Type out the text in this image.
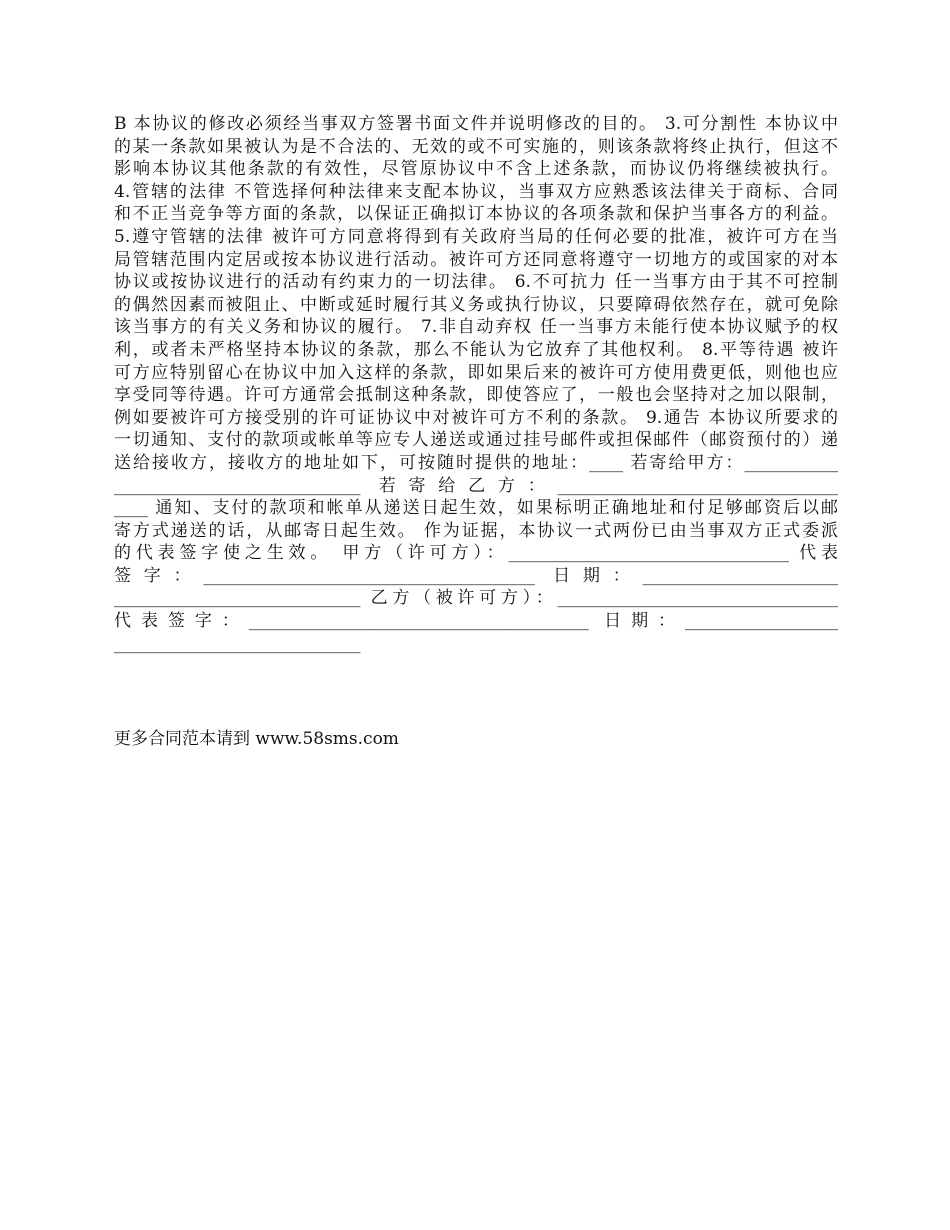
B 本协议的修改必须经当事双方签署书面文件并说明修改的目的。 3.可分割性 本协议中
的某一条款如果被认为是不合法的、无效的或不可实施的，则该条款将终止执行，但这不
影响本协议其他条款的有效性，尽管原协议中不含上述条款，而协议仍将继续被执行。
4.管辖的法律 不管选择何种法律来支配本协议，当事双方应熟悉该法律关于商标、合同
和不正当竞争等方面的条款，以保证正确拟订本协议的各项条款和保护当事各方的利益。
5.遵守管辖的法律 被许可方同意将得到有关政府当局的任何必要的批准，被许可方在当
局管辖范围内定居或按本协议进行活动。被许可方还同意将遵守一切地方的或国家的对本
协议或按协议进行的活动有约束力的一切法律。 6.不可抗力 任一当事方由于其不可控制
的偶然因素而被阻止、中断或延时履行其义务或执行协议，只要障碍依然存在，就可免除
该当事方的有关义务和协议的履行。 7.非自动弃权 任一当事方未能行使本协议赋予的权
利，或者未严格坚持本协议的条款，那么不能认为它放弃了其他权利。 8.平等待遇 被许
可方应特别留心在协议中加入这样的条款，即如果后来的被许可方使用费更低，则他也应
享受同等待遇。许可方通常会抵制这种条款，即使答应了，一般也会坚持对之加以限制，
例如要被许可方接受别的许可证协议中对被许可方不利的条款。 9.通告 本协议所要求的
一切通知、支付的款项或帐单等应专人递送或通过挂号邮件或担保邮件（邮资预付的）递
送给接收方，接收方的地址如下，可按随时提供的地址：____ 若寄给甲方：___________
_____________________________ 若寄给乙方：_________________________________
____ 通知、支付的款项和帐单从递送日起生效，如果标明正确地址和付足够邮资后以邮
寄方式递送的话，从邮寄日起生效。 作为证据，本协议一式两份已由当事双方正式委派
的代表签字使之生效。 甲方（许可方）：_________________________________ 代表
签字：_______________________________________ 日期：_______________________
_____________________________ 乙方（被许可方）：_________________________________
代表签字：________________________________________ 日期：__________________
_____________________________
更多合同范本请到 www.58sms.com
